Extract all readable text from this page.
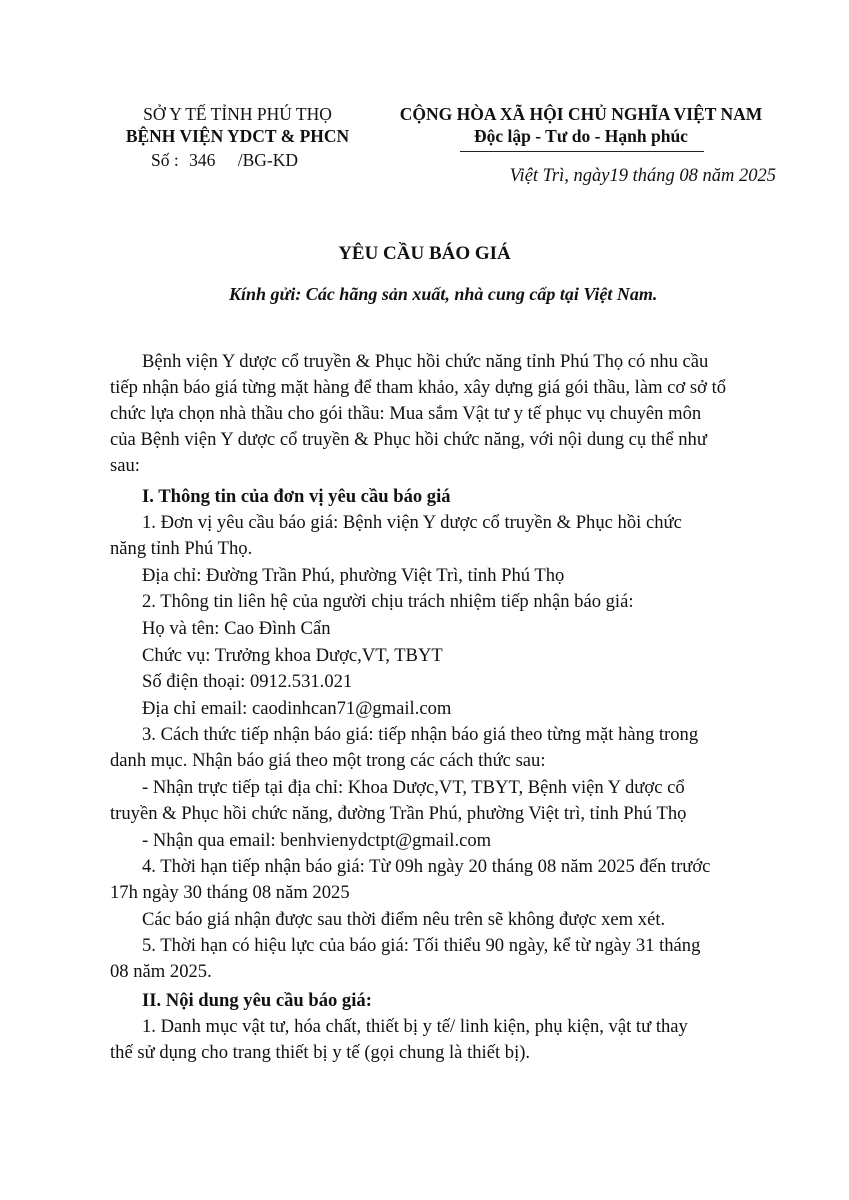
SỞ Y TẾ TỈNH PHÚ THỌ
BỆNH VIỆN YDCT & PHCN
Số : 346 /BG-KD
CỘNG HÒA XÃ HỘI CHỦ NGHĨA VIỆT NAM
Độc lập - Tư do - Hạnh phúc
Việt Trì, ngày19 tháng 08 năm 2025
YÊU CẦU BÁO GIÁ
Kính gửi: Các hãng sản xuất, nhà cung cấp tại Việt Nam.
Bệnh viện Y dược cổ truyền & Phục hồi chức năng tỉnh Phú Thọ có nhu cầu
tiếp nhận báo giá từng mặt hàng để tham khảo, xây dựng giá gói thầu, làm cơ sở tổ
chức lựa chọn nhà thầu cho gói thầu: Mua sắm Vật tư y tế phục vụ chuyên môn
của Bệnh viện Y dược cổ truyền & Phục hồi chức năng, với nội dung cụ thể như
sau:
I. Thông tin của đơn vị yêu cầu báo giá
1. Đơn vị yêu cầu báo giá: Bệnh viện Y dược cổ truyền & Phục hồi chức
năng tỉnh Phú Thọ.
Địa chỉ: Đường Trần Phú, phường Việt Trì, tỉnh Phú Thọ
2. Thông tin liên hệ của người chịu trách nhiệm tiếp nhận báo giá:
Họ và tên: Cao Đình Cẩn
Chức vụ: Trưởng khoa Dược,VT, TBYT
Số điện thoại: 0912.531.021
Địa chỉ email: caodinhcan71@gmail.com
3. Cách thức tiếp nhận báo giá: tiếp nhận báo giá theo từng mặt hàng trong
danh mục. Nhận báo giá theo một trong các cách thức sau:
- Nhận trực tiếp tại địa chỉ: Khoa Dược,VT, TBYT, Bệnh viện Y dược cổ
truyền & Phục hồi chức năng, đường Trần Phú, phường Việt trì, tỉnh Phú Thọ
- Nhận qua email: benhvienydctpt@gmail.com
4. Thời hạn tiếp nhận báo giá: Từ 09h ngày 20 tháng 08 năm 2025 đến trước
17h ngày 30 tháng 08 năm 2025
Các báo giá nhận được sau thời điểm nêu trên sẽ không được xem xét.
5. Thời hạn có hiệu lực của báo giá: Tối thiểu 90 ngày, kể từ ngày 31 tháng
08 năm 2025.
II. Nội dung yêu cầu báo giá:
1. Danh mục vật tư, hóa chất, thiết bị y tế/ linh kiện, phụ kiện, vật tư thay
thế sử dụng cho trang thiết bị y tế (gọi chung là thiết bị).
